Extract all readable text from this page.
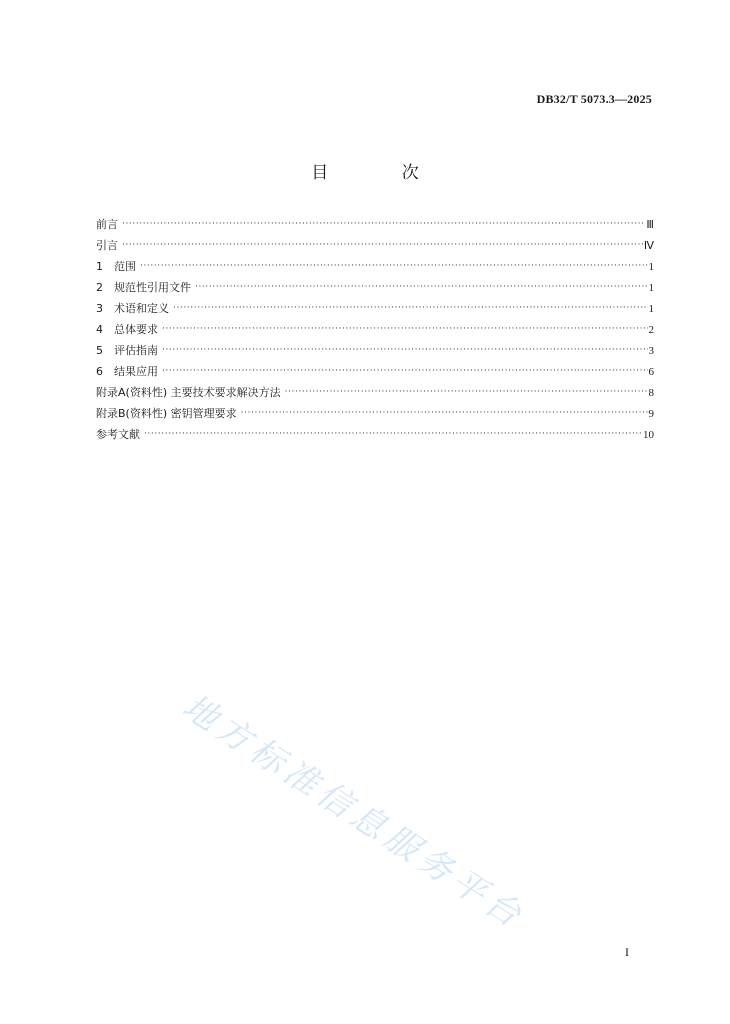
DB32/T 5073.3—2025
目 次
前言 ·····	Ⅲ
引言 ·····	Ⅳ
1	范围 ·····	1
2	规范性引用文件 ·····	1
3	术语和定义 ·····	1
4	总体要求 ·····	2
5	评估指南 ·····	3
6	结果应用 ·····	6
附录A(资料性) 主要技术要求解决方法 ·····	8
附录B(资料性) 密钥管理要求 ·····	9
参考文献 ·····	10
地方标准信息服务平台
I
